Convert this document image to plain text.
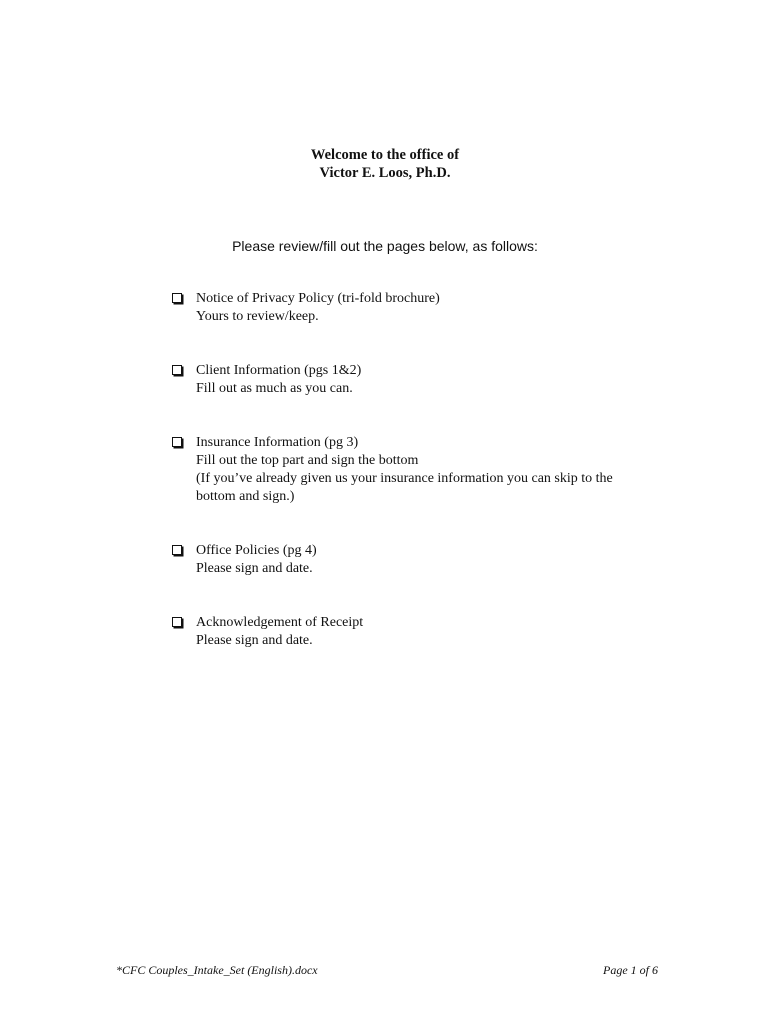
Welcome to the office of
Victor E. Loos, Ph.D.
Please review/fill out the pages below, as follows:
Notice of Privacy Policy (tri-fold brochure)
Yours to review/keep.
Client Information (pgs 1&2)
Fill out as much as you can.
Insurance Information (pg 3)
Fill out the top part and sign the bottom
(If you’ve already given us your insurance information you can skip to the
bottom and sign.)
Office Policies (pg 4)
Please sign and date.
Acknowledgement of Receipt
Please sign and date.
*CFC Couples_Intake_Set (English).docx	Page 1 of 6
